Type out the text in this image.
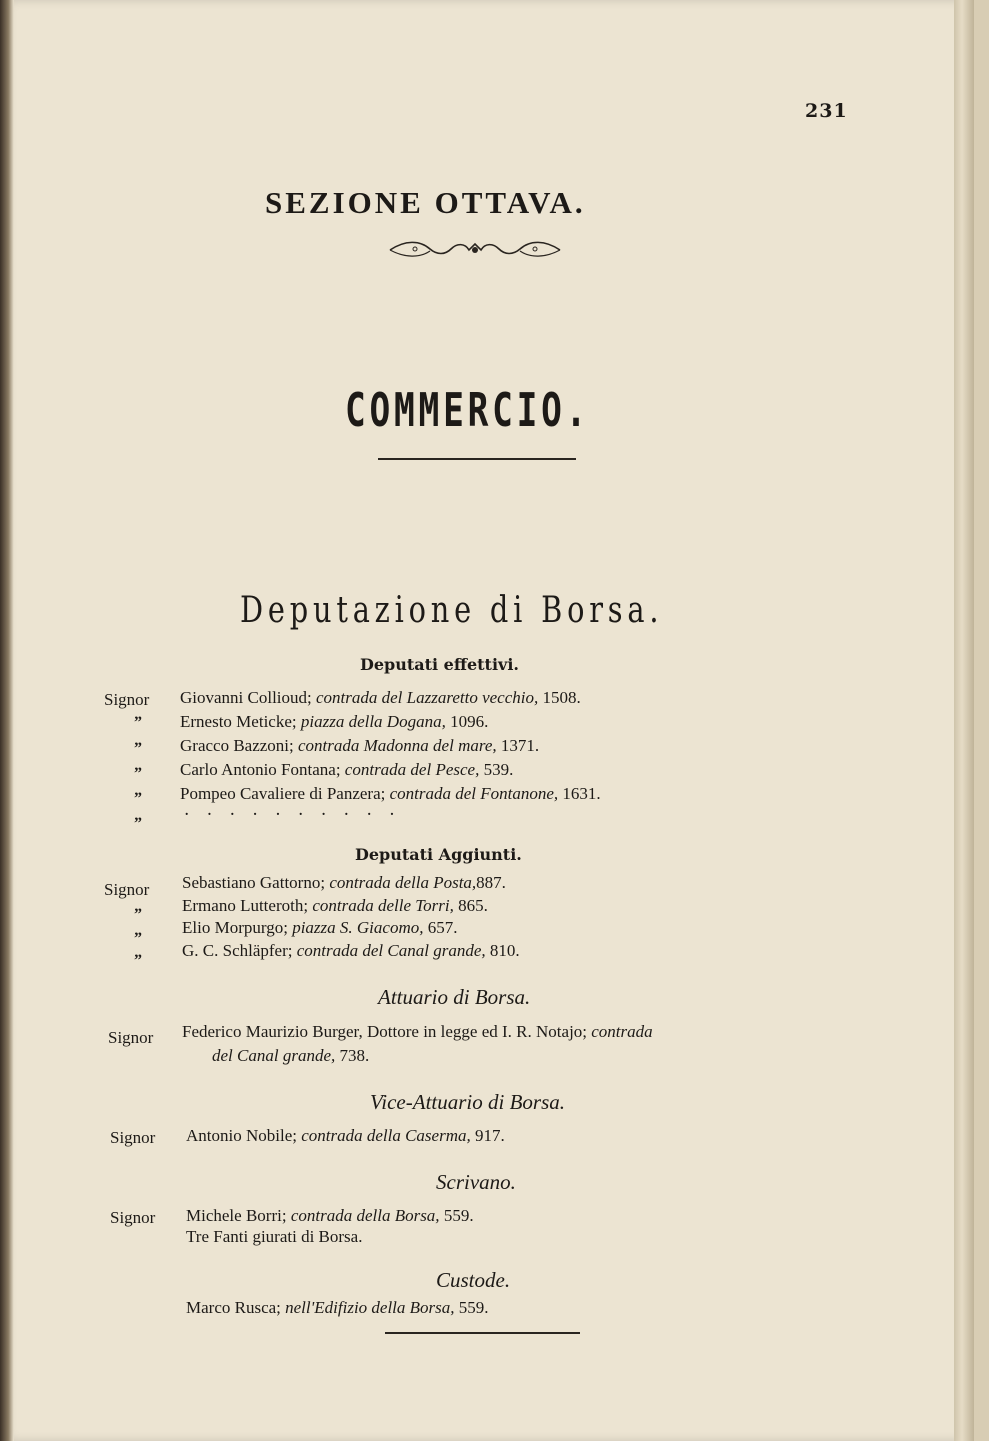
231
SEZIONE OTTAVA.
COMMERCIO.
Deputazione di Borsa.
Deputati effettivi.
Signor
”
”
”
”
”
Giovanni Collioud; contrada del Lazzaretto vecchio, 1508.
Ernesto Meticke; piazza della Dogana, 1096.
Gracco Bazzoni; contrada Madonna del mare, 1371.
Carlo Antonio Fontana; contrada del Pesce, 539.
Pompeo Cavaliere di Panzera; contrada del Fontanone, 1631.
. . . . . . . . . .
Deputati Aggiunti.
Signor
”
”
”
Sebastiano Gattorno; contrada della Posta,887.
Ermano Lutteroth; contrada delle Torri, 865.
Elio Morpurgo; piazza S. Giacomo, 657.
G. C. Schläpfer; contrada del Canal grande, 810.
Attuario di Borsa.
Signor Federico Maurizio Burger, Dottore in legge ed I. R. Notajo; contrada
del Canal grande, 738.
Vice-Attuario di Borsa.
Signor Antonio Nobile; contrada della Caserma, 917.
Scrivano.
Signor Michele Borri; contrada della Borsa, 559.
Tre Fanti giurati di Borsa.
Custode.
Marco Rusca; nell'Edifizio della Borsa, 559.
